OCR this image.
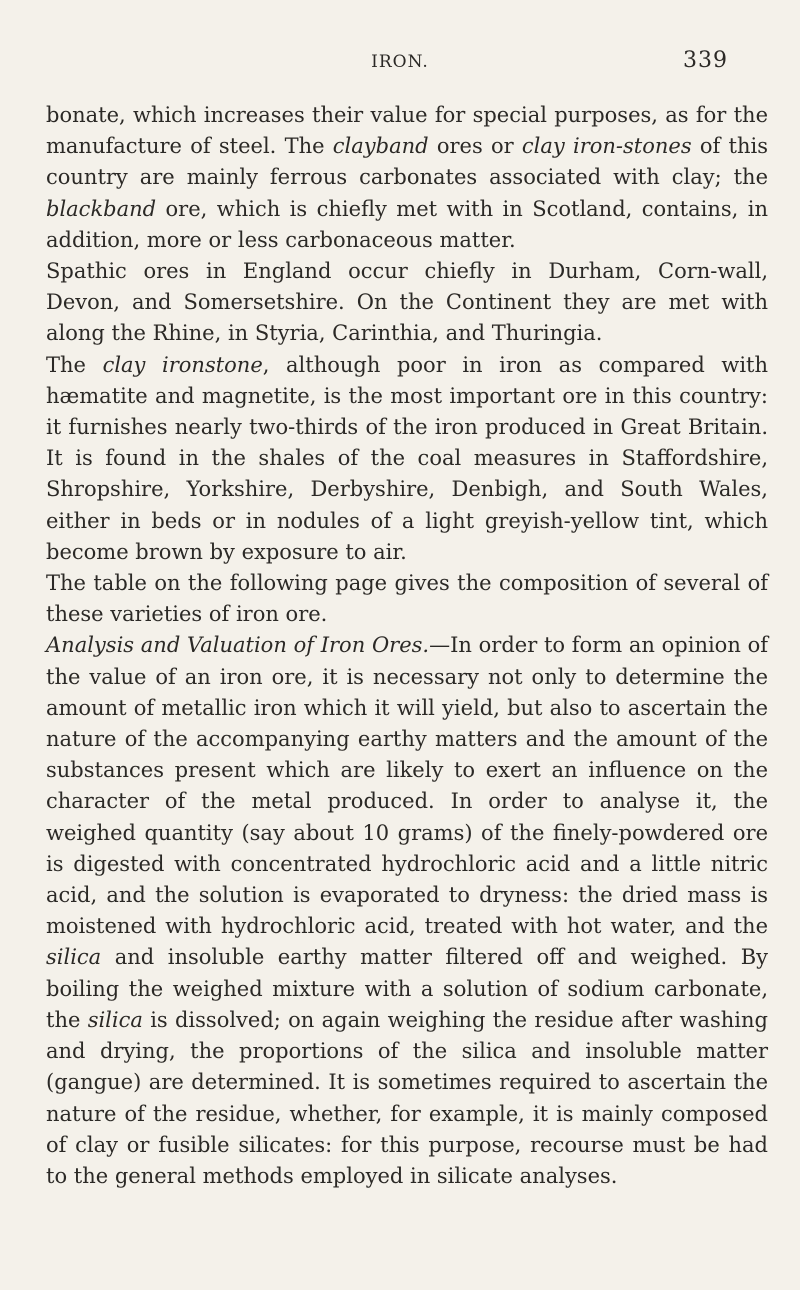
IRON.	339

bonate, which increases their value for special purposes, as for the manufacture of steel. The clayband ores or clay iron-stones of this country are mainly ferrous carbonates associated with clay; the blackband ore, which is chiefly met with in Scotland, contains, in addition, more or less carbonaceous matter.

Spathic ores in England occur chiefly in Durham, Corn-wall, Devon, and Somersetshire. On the Continent they are met with along the Rhine, in Styria, Carinthia, and Thuringia.

The clay ironstone, although poor in iron as compared with hæmatite and magnetite, is the most important ore in this country: it furnishes nearly two-thirds of the iron produced in Great Britain. It is found in the shales of the coal measures in Staffordshire, Shropshire, Yorkshire, Derbyshire, Denbigh, and South Wales, either in beds or in nodules of a light greyish-yellow tint, which become brown by exposure to air.

The table on the following page gives the composition of several of these varieties of iron ore.

Analysis and Valuation of Iron Ores.—In order to form an opinion of the value of an iron ore, it is necessary not only to determine the amount of metallic iron which it will yield, but also to ascertain the nature of the accompanying earthy matters and the amount of the substances present which are likely to exert an influence on the character of the metal produced. In order to analyse it, the weighed quantity (say about 10 grams) of the finely-powdered ore is digested with concentrated hydrochloric acid and a little nitric acid, and the solution is evaporated to dryness: the dried mass is moistened with hydrochloric acid, treated with hot water, and the silica and insoluble earthy matter filtered off and weighed. By boiling the weighed mixture with a solution of sodium carbonate, the silica is dissolved; on again weighing the residue after washing and drying, the proportions of the silica and insoluble matter (gangue) are determined. It is sometimes required to ascertain the nature of the residue, whether, for example, it is mainly composed of clay or fusible silicates: for this purpose, recourse must be had to the general methods employed in silicate analyses.
